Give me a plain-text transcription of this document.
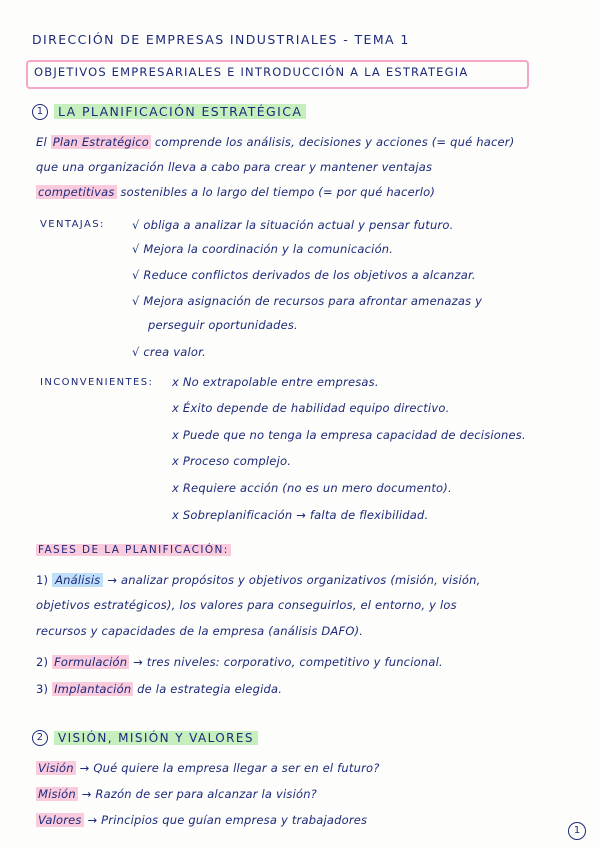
DIRECCIÓN DE EMPRESAS INDUSTRIALES - TEMA 1
OBJETIVOS EMPRESARIALES E INTRODUCCIÓN A LA ESTRATEGIA
1 LA PLANIFICACIÓN ESTRATÉGICA
El Plan Estratégico comprende los análisis, decisiones y acciones (= qué hacer)
que una organización lleva a cabo para crear y mantener ventajas
competitivas sostenibles a lo largo del tiempo (= por qué hacerlo)
VENTAJAS: √ obliga a analizar la situación actual y pensar futuro.
√ Mejora la coordinación y la comunicación.
√ Reduce conflictos derivados de los objetivos a alcanzar.
√ Mejora asignación de recursos para afrontar amenazas y
perseguir oportunidades.
√ crea valor.
INCONVENIENTES: x No extrapolable entre empresas.
x Éxito depende de habilidad equipo directivo.
x Puede que no tenga la empresa capacidad de decisiones.
x Proceso complejo.
x Requiere acción (no es un mero documento).
x Sobreplanificación → falta de flexibilidad.
FASES DE LA PLANIFICACIÓN:
1) Análisis → analizar propósitos y objetivos organizativos (misión, visión,
objetivos estratégicos), los valores para conseguirlos, el entorno, y los
recursos y capacidades de la empresa (análisis DAFO).
2) Formulación → tres niveles: corporativo, competitivo y funcional.
3) Implantación de la estrategia elegida.
2 VISIÓN, MISIÓN Y VALORES
Visión → Qué quiere la empresa llegar a ser en el futuro?
Misión → Razón de ser para alcanzar la visión?
Valores → Principios que guían empresa y trabajadores
1
